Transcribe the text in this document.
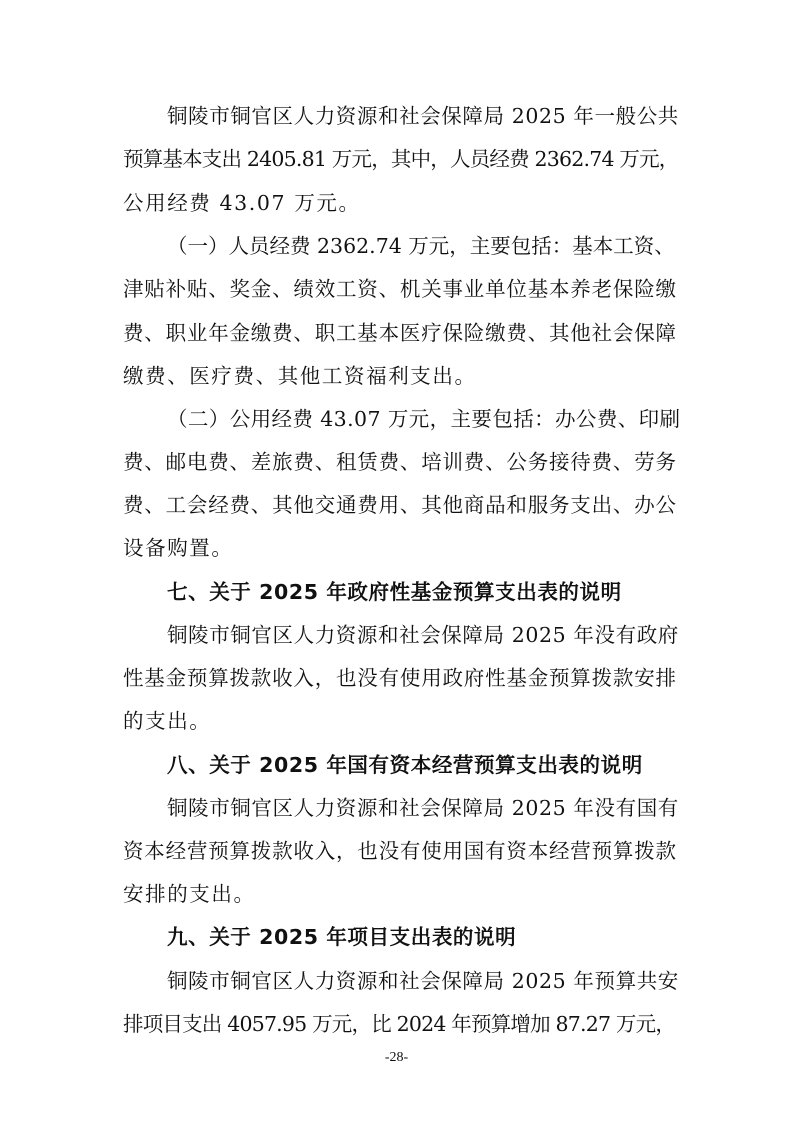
铜陵市铜官区人力资源和社会保障局 2025 年一般公共
预算基本支出 2405.81 万元，其中，人员经费 2362.74 万元，
公用经费 43.07 万元。
（一）人员经费 2362.74 万元，主要包括：基本工资、
津贴补贴、奖金、绩效工资、机关事业单位基本养老保险缴
费、职业年金缴费、职工基本医疗保险缴费、其他社会保障
缴费、医疗费、其他工资福利支出。
（二）公用经费 43.07 万元，主要包括：办公费、印刷
费、邮电费、差旅费、租赁费、培训费、公务接待费、劳务
费、工会经费、其他交通费用、其他商品和服务支出、办公
设备购置。
七、关于 2025 年政府性基金预算支出表的说明
铜陵市铜官区人力资源和社会保障局 2025 年没有政府
性基金预算拨款收入，也没有使用政府性基金预算拨款安排
的支出。
八、关于 2025 年国有资本经营预算支出表的说明
铜陵市铜官区人力资源和社会保障局 2025 年没有国有
资本经营预算拨款收入，也没有使用国有资本经营预算拨款
安排的支出。
九、关于 2025 年项目支出表的说明
铜陵市铜官区人力资源和社会保障局 2025 年预算共安
排项目支出 4057.95 万元，比 2024 年预算增加 87.27 万元，
-28-
